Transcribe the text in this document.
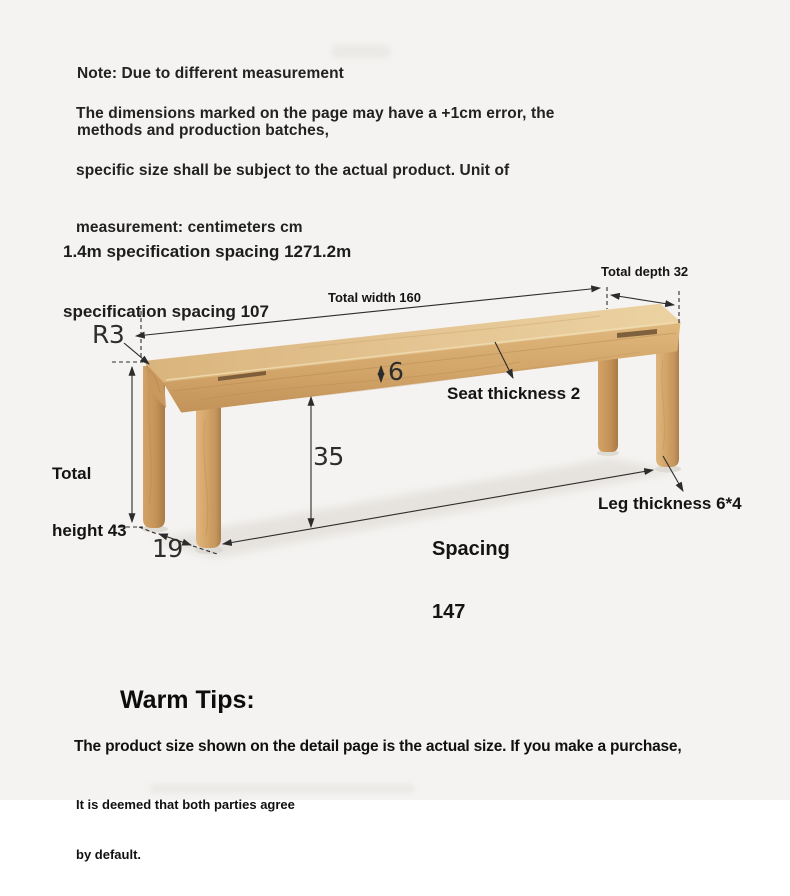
Note: Due to different measurement

methods and production batches,

The dimensions marked on the page may have a +1cm error, the

specific size shall be subject to the actual product. Unit of

measurement: centimeters cm

1.4m specification spacing 1271.2m

specification spacing 107

Total width 160
Total depth 32
R3

Total

height 43

6
Seat thickness 2
35

Spacing

147

Leg thickness 6*4
19
Warm Tips:
The product size shown on the detail page is the actual size. If you make a purchase,

It is deemed that both parties agree

by default.
